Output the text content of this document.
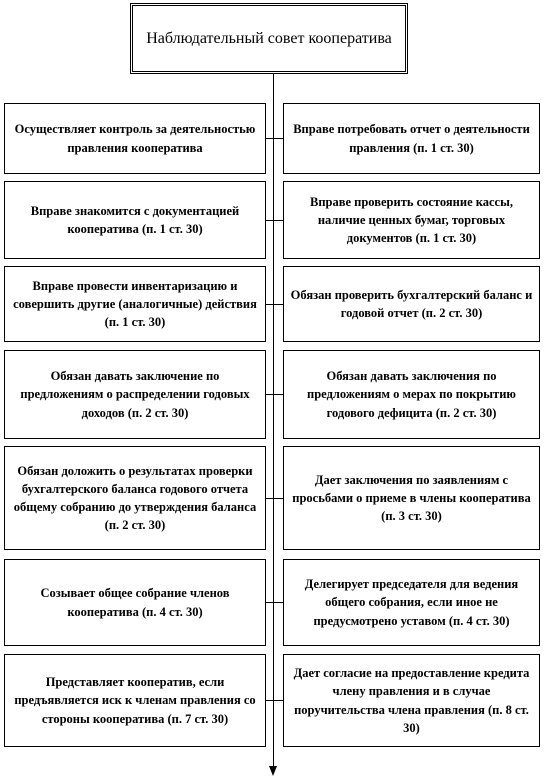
Наблюдательный совет кооператива
Осуществляет контроль за деятельностью правления кооператива
Вправе знакомится с документацией кооператива (п. 1 ст. 30)
Вправе провести инвентаризацию и совершить другие (аналогичные) действия (п. 1 ст. 30)
Обязан давать заключение по предложениям о распределении годовых доходов (п. 2 ст. 30)
Обязан доложить о результатах проверки бухгалтерского баланса годового отчета общему собранию до утверждения баланса (п. 2 ст. 30)
Созывает общее собрание членов кооператива (п. 4 ст. 30)
Представляет кооператив, если предъявляется иск к членам правления со стороны кооператива (п. 7 ст. 30)
Вправе потребовать отчет о деятельности правления (п. 1 ст. 30)
Вправе проверить состояние кассы, наличие ценных бумаг, торговых документов (п. 1 ст. 30)
Обязан проверить бухгалтерский баланс и годовой отчет (п. 2 ст. 30)
Обязан давать заключения по предложениям о мерах по покрытию годового дефицита (п. 2 ст. 30)
Дает заключения по заявлениям с просьбами о приеме в члены кооператива (п. 3 ст. 30)
Делегирует председателя для ведения общего собрания, если иное не предусмотрено уставом (п. 4 ст. 30)
Дает согласие на предоставление кредита члену правления и в случае поручительства члена правления (п. 8 ст. 30)
